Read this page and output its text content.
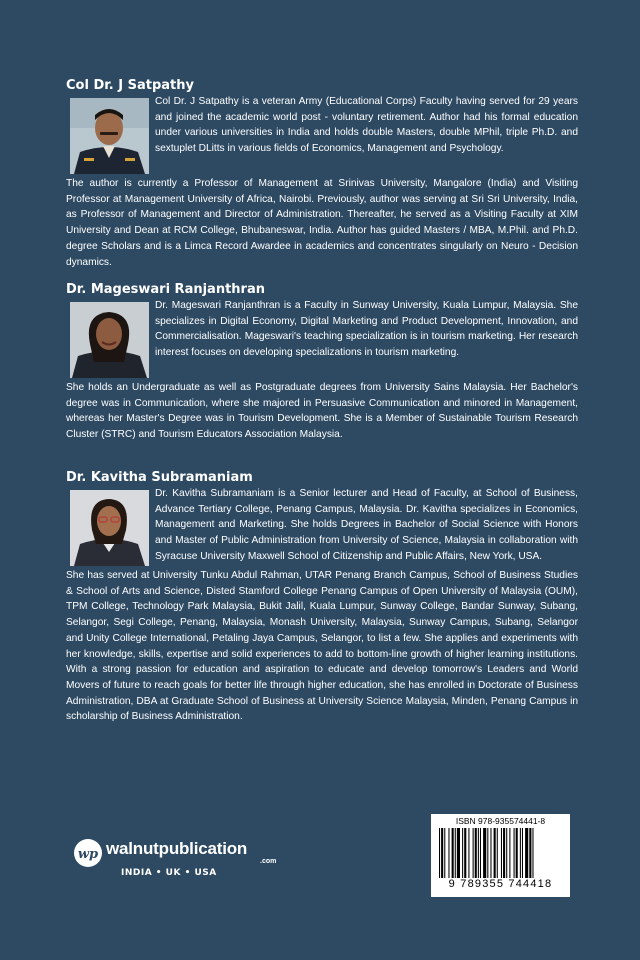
Col Dr. J Satpathy

Col Dr. J Satpathy is a veteran Army (Educational Corps) Faculty having served for 29 years and joined the academic world post - voluntary retirement. Author had his formal education under various universities in India and holds double Masters, double MPhil, triple Ph.D. and sextuplet DLitts in various fields of Economics, Management and Psychology.

The author is currently a Professor of Management at Srinivas University, Mangalore (India) and Visiting Professor at Management University of Africa, Nairobi. Previously, author was serving at Sri Sri University, India, as Professor of Management and Director of Administration. Thereafter, he served as a Visiting Faculty at XIM University and Dean at RCM College, Bhubaneswar, India. Author has guided Masters / MBA, M.Phil. and Ph.D. degree Scholars and is a Limca Record Awardee in academics and concentrates singularly on Neuro - Decision dynamics.

Dr. Mageswari Ranjanthran

Dr. Mageswari Ranjanthran is a Faculty in Sunway University, Kuala Lumpur, Malaysia. She specializes in Digital Economy, Digital Marketing and Product Development, Innovation, and Commercialisation. Mageswari's teaching specialization is in tourism marketing. Her research interest focuses on developing specializations in tourism marketing.

She holds an Undergraduate as well as Postgraduate degrees from University Sains Malaysia. Her Bachelor's degree was in Communication, where she majored in Persuasive Communication and minored in Management, whereas her Master's Degree was in Tourism Development. She is a Member of Sustainable Tourism Research Cluster (STRC) and Tourism Educators Association Malaysia.

Dr. Kavitha Subramaniam

Dr. Kavitha Subramaniam is a Senior lecturer and Head of Faculty, at School of Business, Advance Tertiary College, Penang Campus, Malaysia. Dr. Kavitha specializes in Economics, Management and Marketing. She holds Degrees in Bachelor of Social Science with Honors and Master of Public Administration from University of Science, Malaysia in collaboration with Syracuse University Maxwell School of Citizenship and Public Affairs, New York, USA.

She has served at University Tunku Abdul Rahman, UTAR Penang Branch Campus, School of Business Studies & School of Arts and Science, Disted Stamford College Penang Campus of Open University of Malaysia (OUM), TPM College, Technology Park Malaysia, Bukit Jalil, Kuala Lumpur, Sunway College, Bandar Sunway, Subang, Selangor, Segi College, Penang, Malaysia, Monash University, Malaysia, Sunway Campus, Subang, Selangor and Unity College International, Petaling Jaya Campus, Selangor, to list a few. She applies and experiments with her knowledge, skills, expertise and solid experiences to add to bottom-line growth of higher learning institutions. With a strong passion for education and aspiration to educate and develop tomorrow's Leaders and World Movers of future to reach goals for better life through higher education, she has enrolled in Doctorate of Business Administration, DBA at Graduate School of Business at University Science Malaysia, Minden, Penang Campus in scholarship of Business Administration.

wp walnutpublication
.com
INDIA • UK • USA
ISBN 978-935574441-8
9 789355 744418
